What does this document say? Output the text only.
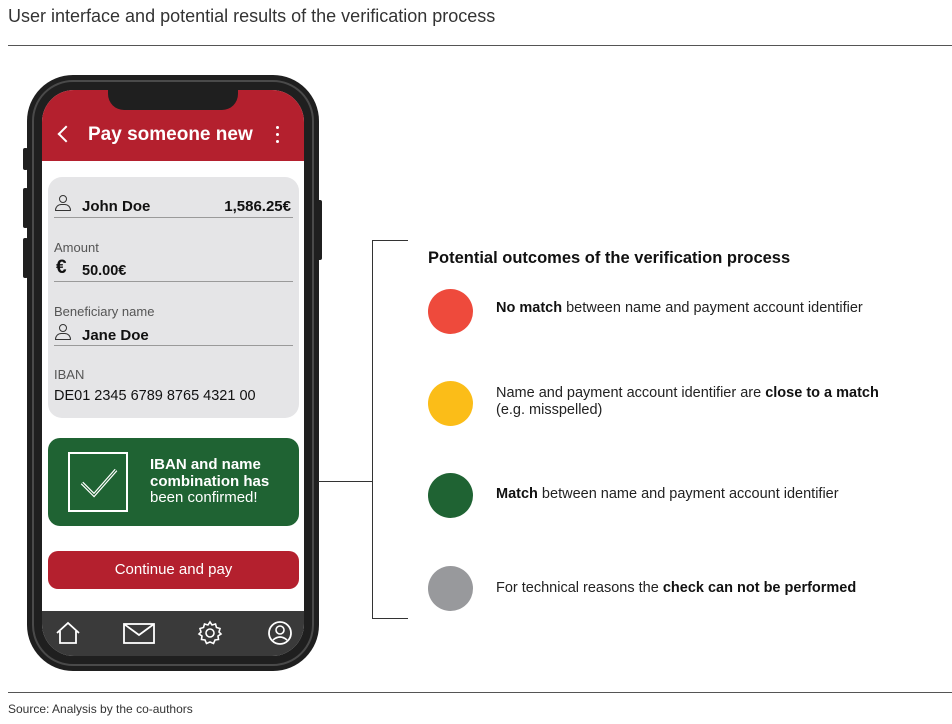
User interface and potential results of the verification process
Pay someone new
John Doe	1,586.25€
Amount
€ 50.00€
Beneficiary name
Jane Doe
IBAN
DE01 2345 6789 8765 4321 00
IBAN and name
combination has
been confirmed!
Continue and pay
Potential outcomes of the verification process
No match between name and payment account identifier
Name and payment account identifier are close to a match
(e.g. misspelled)
Match between name and payment account identifier
For technical reasons the check can not be performed
Source: Analysis by the co-authors
